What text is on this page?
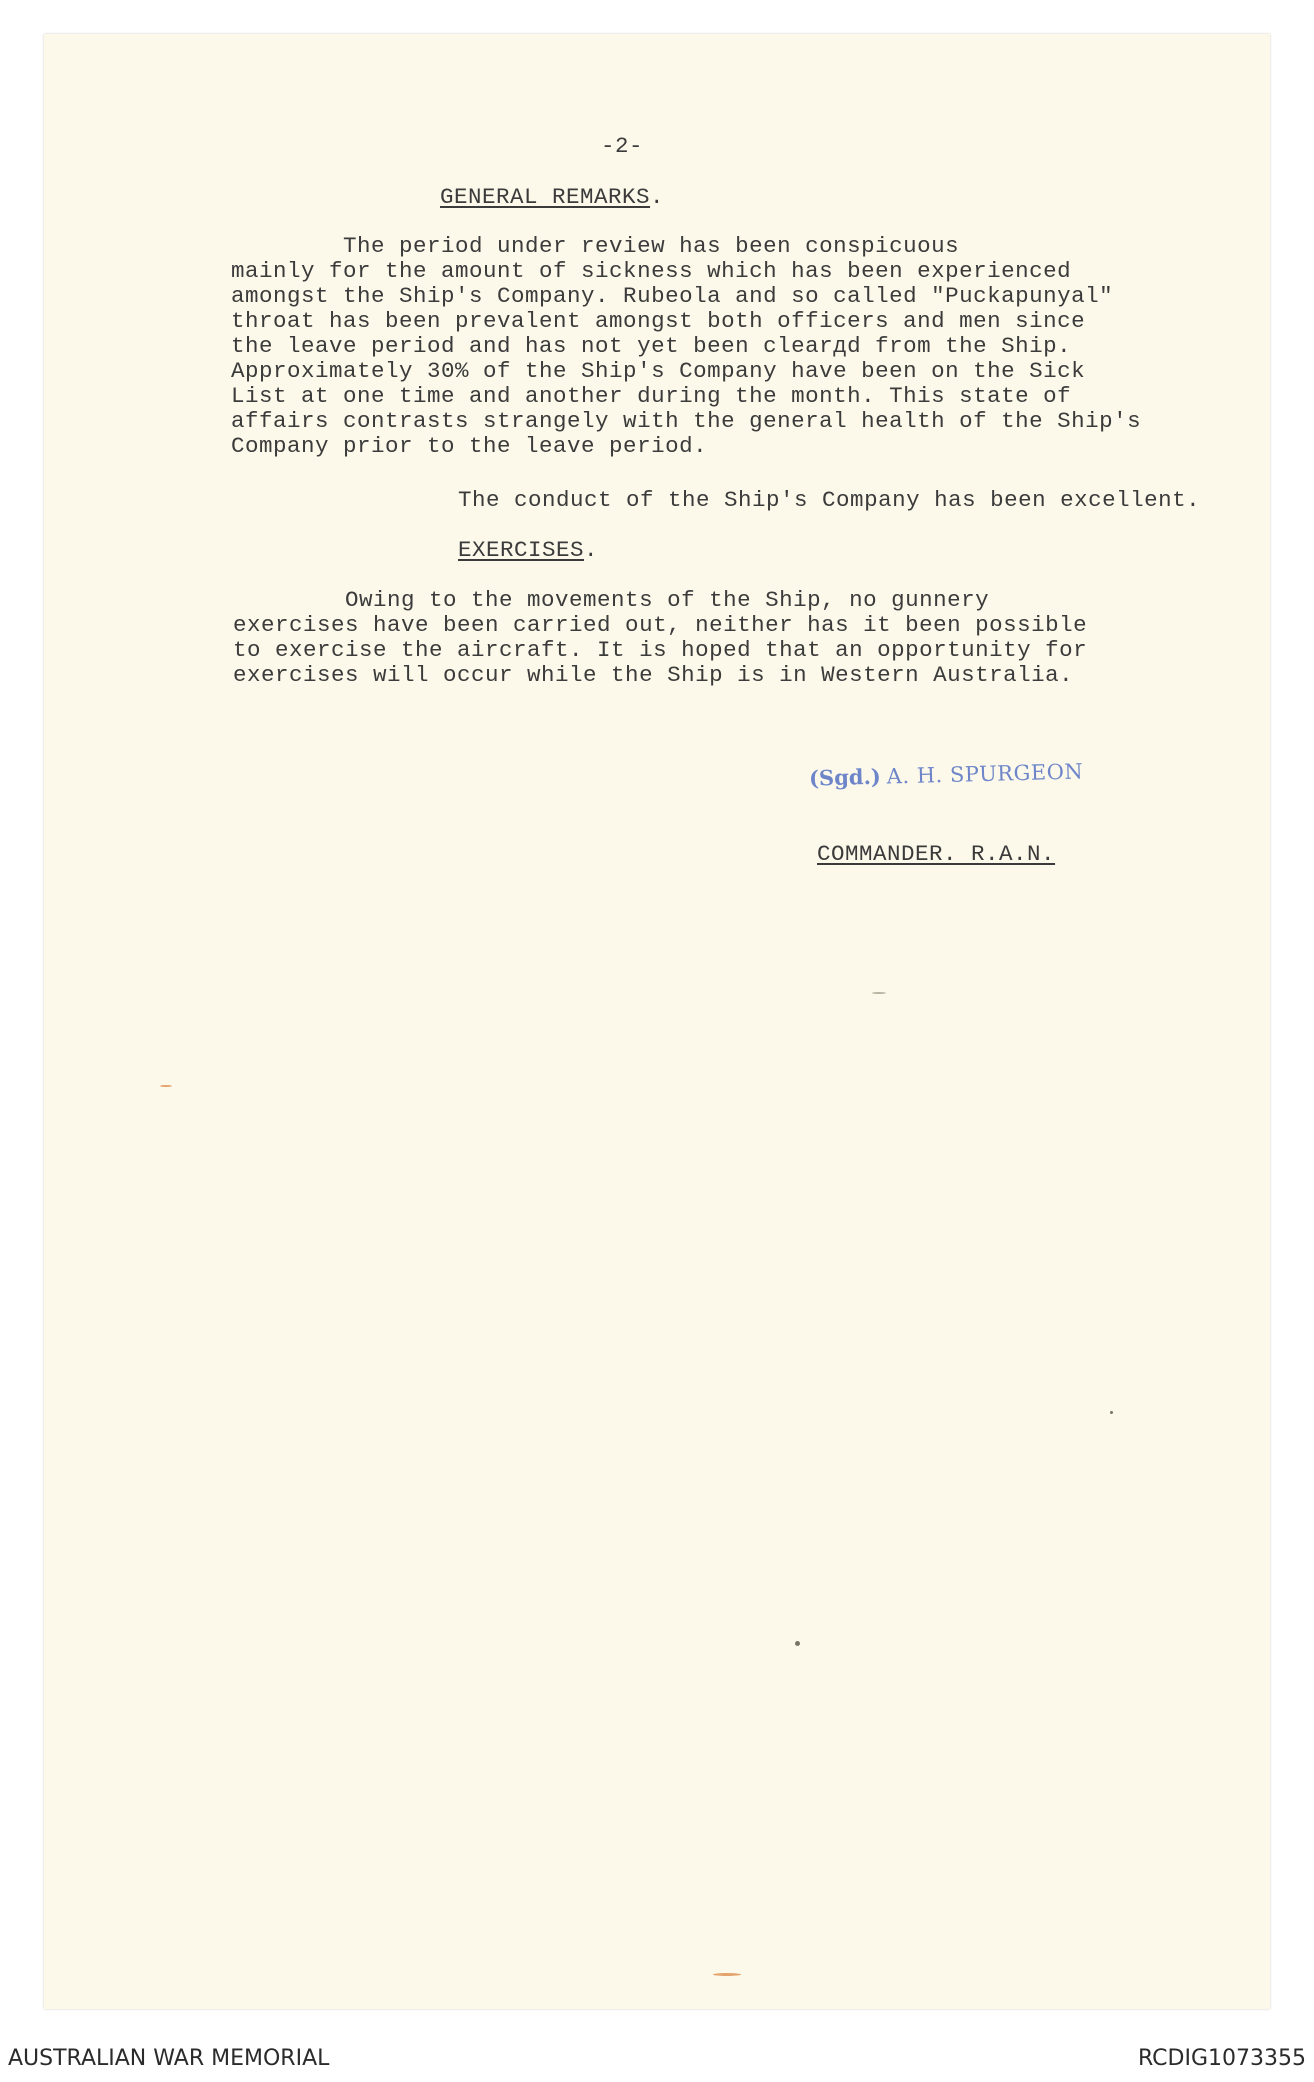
-2-
GENERAL REMARKS.
The period under review has been conspicuous
mainly for the amount of sickness which has been experienced
amongst the Ship's Company. Rubeola and so called "Puckapunyal"
throat has been prevalent amongst both officers and men since
the leave period and has not yet been clearдd from the Ship.
Approximately 30% of the Ship's Company have been on the Sick
List at one time and another during the month. This state of
affairs contrasts strangely with the general health of the Ship's
Company prior to the leave period.
The conduct of the Ship's Company has been excellent.
EXERCISES.
Owing to the movements of the Ship, no gunnery
exercises have been carried out, neither has it been possible
to exercise the aircraft. It is hoped that an opportunity for
exercises will occur while the Ship is in Western Australia.
(Sgd.) A. H. SPURGEON
COMMANDER. R.A.N.
AUSTRALIAN WAR MEMORIAL	RCDIG1073355
